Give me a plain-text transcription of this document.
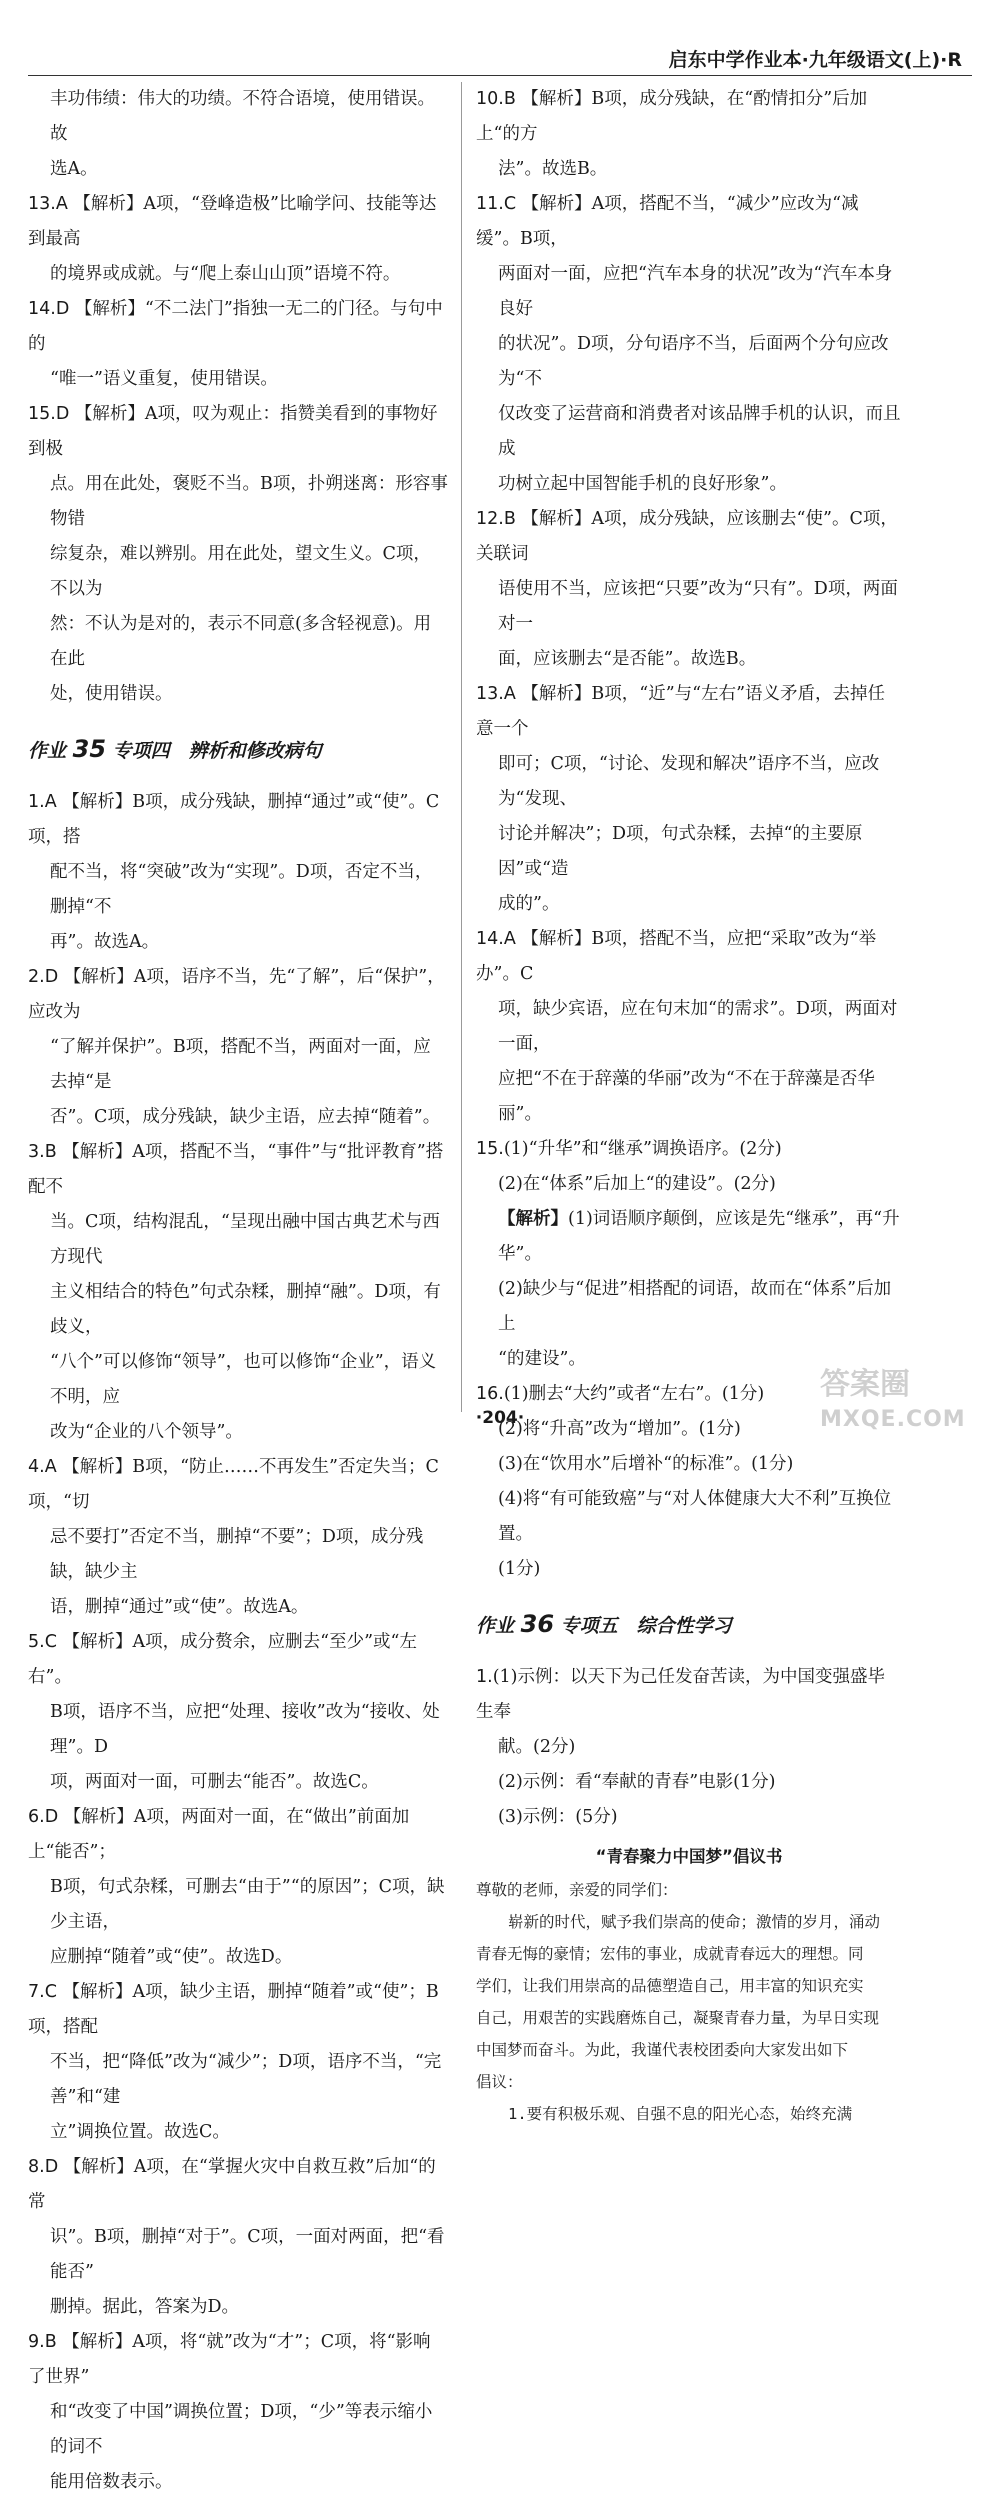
启东中学作业本·九年级语文(上)·R
丰功伟绩：伟大的功绩。不符合语境，使用错误。故
选A。
13.A 【解析】A项，“登峰造极”比喻学问、技能等达到最高
的境界或成就。与“爬上泰山山顶”语境不符。
14.D 【解析】“不二法门”指独一无二的门径。与句中的
“唯一”语义重复，使用错误。
15.D 【解析】A项，叹为观止：指赞美看到的事物好到极
点。用在此处，褒贬不当。B项，扑朔迷离：形容事物错
综复杂，难以辨别。用在此处，望文生义。C项，不以为
然：不认为是对的，表示不同意(多含轻视意)。用在此
处，使用错误。
作业 35 专项四　辨析和修改病句
1.A 【解析】B项，成分残缺，删掉“通过”或“使”。C项，搭
配不当，将“突破”改为“实现”。D项，否定不当，删掉“不
再”。故选A。
2.D 【解析】A项，语序不当，先“了解”，后“保护”，应改为
“了解并保护”。B项，搭配不当，两面对一面，应去掉“是
否”。C项，成分残缺，缺少主语，应去掉“随着”。
3.B 【解析】A项，搭配不当，“事件”与“批评教育”搭配不
当。C项，结构混乱，“呈现出融中国古典艺术与西方现代
主义相结合的特色”句式杂糅，删掉“融”。D项，有歧义，
“八个”可以修饰“领导”，也可以修饰“企业”，语义不明，应
改为“企业的八个领导”。
4.A 【解析】B项，“防止……不再发生”否定失当；C项，“切
忌不要打”否定不当，删掉“不要”；D项，成分残缺，缺少主
语，删掉“通过”或“使”。故选A。
5.C 【解析】A项，成分赘余，应删去“至少”或“左右”。
B项，语序不当，应把“处理、接收”改为“接收、处理”。D
项，两面对一面，可删去“能否”。故选C。
6.D 【解析】A项，两面对一面，在“做出”前面加上“能否”；
B项，句式杂糅，可删去“由于”“的原因”；C项，缺少主语，
应删掉“随着”或“使”。故选D。
7.C 【解析】A项，缺少主语，删掉“随着”或“使”；B项，搭配
不当，把“降低”改为“减少”；D项，语序不当，“完善”和“建
立”调换位置。故选C。
8.D 【解析】A项，在“掌握火灾中自救互救”后加“的常
识”。B项，删掉“对于”。C项，一面对两面，把“看能否”
删掉。据此，答案为D。
9.B 【解析】A项，将“就”改为“才”；C项，将“影响了世界”
和“改变了中国”调换位置；D项，“少”等表示缩小的词不
能用倍数表示。
10.B 【解析】B项，成分残缺，在“酌情扣分”后加上“的方
法”。故选B。
11.C 【解析】A项，搭配不当，“减少”应改为“减缓”。B项，
两面对一面，应把“汽车本身的状况”改为“汽车本身良好
的状况”。D项，分句语序不当，后面两个分句应改为“不
仅改变了运营商和消费者对该品牌手机的认识，而且成
功树立起中国智能手机的良好形象”。
12.B 【解析】A项，成分残缺，应该删去“使”。C项，关联词
语使用不当，应该把“只要”改为“只有”。D项，两面对一
面，应该删去“是否能”。故选B。
13.A 【解析】B项，“近”与“左右”语义矛盾，去掉任意一个
即可；C项，“讨论、发现和解决”语序不当，应改为“发现、
讨论并解决”；D项，句式杂糅，去掉“的主要原因”或“造
成的”。
14.A 【解析】B项，搭配不当，应把“采取”改为“举办”。C
项，缺少宾语，应在句末加“的需求”。D项，两面对一面，
应把“不在于辞藻的华丽”改为“不在于辞藻是否华丽”。
15.(1)“升华”和“继承”调换语序。(2分)
(2)在“体系”后加上“的建设”。(2分)
【解析】(1)词语顺序颠倒，应该是先“继承”，再“升华”。
(2)缺少与“促进”相搭配的词语，故而在“体系”后加上
“的建设”。
16.(1)删去“大约”或者“左右”。(1分)
(2)将“升高”改为“增加”。(1分)
(3)在“饮用水”后增补“的标准”。(1分)
(4)将“有可能致癌”与“对人体健康大大不利”互换位置。
(1分)
作业 36 专项五　综合性学习
1.(1)示例：以天下为己任发奋苦读，为中国变强盛毕生奉
献。(2分)
(2)示例：看“奉献的青春”电影(1分)
(3)示例：(5分)
“青春聚力中国梦”倡议书

尊敬的老师，亲爱的同学们：

崭新的时代，赋予我们崇高的使命；激情的岁月，涌动

青春无悔的豪情；宏伟的事业，成就青春远大的理想。同

学们，让我们用崇高的品德塑造自己，用丰富的知识充实

自己，用艰苦的实践磨炼自己，凝聚青春力量，为早日实现

中国梦而奋斗。为此，我谨代表校团委向大家发出如下

倡议：

1.要有积极乐观、自强不息的阳光心态，始终充满

答案圈
MXQE.COM
·204·
